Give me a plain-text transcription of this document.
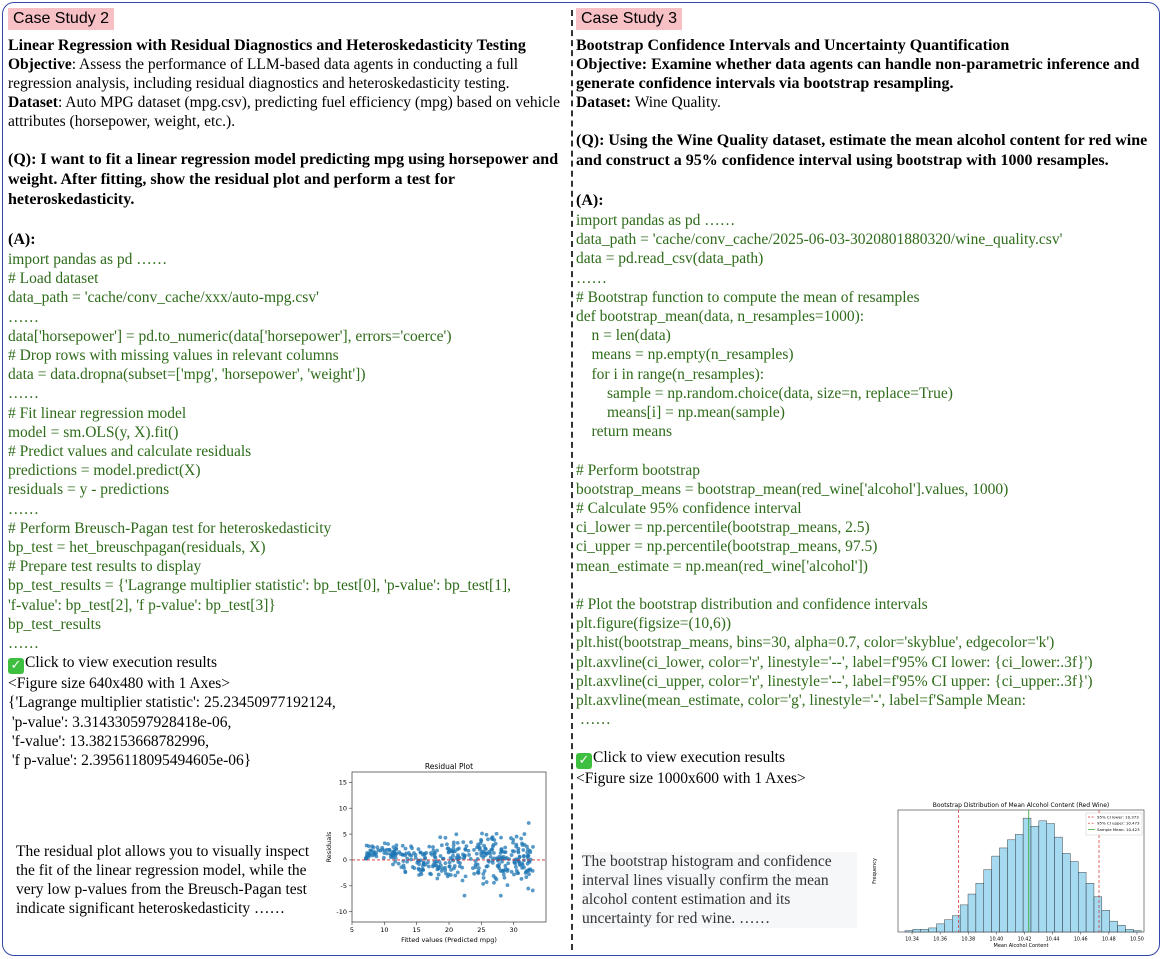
Case Study 2
Linear Regression with Residual Diagnostics and Heteroskedasticity Testing
Objective: Assess the performance of LLM-based data agents in conducting a full regression analysis, including residual diagnostics and heteroskedasticity testing.
Dataset: Auto MPG dataset (mpg.csv), predicting fuel efficiency (mpg) based on vehicle attributes (horsepower, weight, etc.).
(Q): I want to fit a linear regression model predicting mpg using horsepower and weight. After fitting, show the residual plot and perform a test for heteroskedasticity.
(A):
import pandas as pd ……
# Load dataset
data_path = 'cache/conv_cache/xxx/auto-mpg.csv'
……
data['horsepower'] = pd.to_numeric(data['horsepower'], errors='coerce')
# Drop rows with missing values in relevant columns
data = data.dropna(subset=['mpg', 'horsepower', 'weight'])
……
# Fit linear regression model
model = sm.OLS(y, X).fit()
# Predict values and calculate residuals
predictions = model.predict(X)
residuals = y - predictions
……
# Perform Breusch-Pagan test for heteroskedasticity
bp_test = het_breuschpagan(residuals, X)
# Prepare test results to display
bp_test_results = {'Lagrange multiplier statistic': bp_test[0], 'p-value': bp_test[1],
'f-value': bp_test[2], 'f p-value': bp_test[3]}
bp_test_results
……
✓ Click to view execution results
<Figure size 640x480 with 1 Axes>
{'Lagrange multiplier statistic': 25.23450977192124,
'p-value': 3.314330597928418e-06,
'f-value': 13.382153668782996,
'f p-value': 2.3956118095494605e-06}
The residual plot allows you to visually inspect the fit of the linear regression model, while the very low p-values from the Breusch-Pagan test indicate significant heteroskedasticity ……
Residual Plot
5	10	15	20	25	30
-10
-5
0
5
10
15
Fitted values (Predicted mpg)
Residuals
Case Study 3
Bootstrap Confidence Intervals and Uncertainty Quantification
Objective: Examine whether data agents can handle non-parametric inference and generate confidence intervals via bootstrap resampling.
Dataset: Wine Quality.
(Q): Using the Wine Quality dataset, estimate the mean alcohol content for red wine and construct a 95% confidence interval using bootstrap with 1000 resamples.
(A):
import pandas as pd ……
data_path = 'cache/conv_cache/2025-06-03-3020801880320/wine_quality.csv'
data = pd.read_csv(data_path)
……
# Bootstrap function to compute the mean of resamples
def bootstrap_mean(data, n_resamples=1000):
n = len(data)
means = np.empty(n_resamples)
for i in range(n_resamples):
sample = np.random.choice(data, size=n, replace=True)
means[i] = np.mean(sample)
return means

# Perform bootstrap
bootstrap_means = bootstrap_mean(red_wine['alcohol'].values, 1000)
# Calculate 95% confidence interval
ci_lower = np.percentile(bootstrap_means, 2.5)
ci_upper = np.percentile(bootstrap_means, 97.5)
mean_estimate = np.mean(red_wine['alcohol'])

# Plot the bootstrap distribution and confidence intervals
plt.figure(figsize=(10,6))
plt.hist(bootstrap_means, bins=30, alpha=0.7, color='skyblue', edgecolor='k')
plt.axvline(ci_lower, color='r', linestyle='--', label=f'95% CI lower: {ci_lower:.3f}')
plt.axvline(ci_upper, color='r', linestyle='--', label=f'95% CI upper: {ci_upper:.3f}')
plt.axvline(mean_estimate, color='g', linestyle='-', label=f'Sample Mean:
……
✓ Click to view execution results
<Figure size 1000x600 with 1 Axes>
The bootstrap histogram and confidence interval lines visually confirm the mean alcohol content estimation and its uncertainty for red wine. ……
Bootstrap Distribution of Mean Alcohol Content (Red Wine)
10.34	10.36	10.38	10.40	10.42	10.44	10.46	10.48	10.50
Mean Alcohol Content
Frequency
95% CI lower: 10.373
95% CI upper: 10.473
Sample Mean: 10.423
